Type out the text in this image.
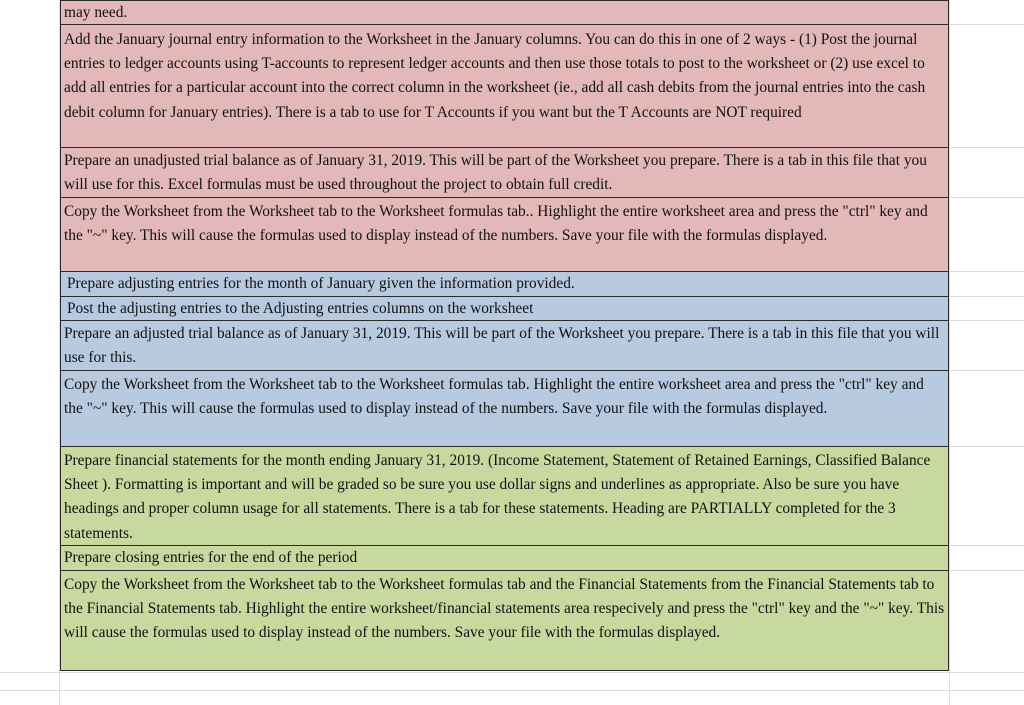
may need.
Add the January journal entry information to the Worksheet in the January columns. You can do this in one of 2 ways - (1) Post the journal entries to ledger accounts using T-accounts to represent ledger accounts and then use those totals to post to the worksheet or (2) use excel to add all entries for a particular account into the correct column in the worksheet (ie., add all cash debits from the journal entries into the cash debit column for January entries). There is a tab to use for T Accounts if you want but the T Accounts are NOT required
Prepare an unadjusted trial balance as of January 31, 2019. This will be part of the Worksheet you prepare. There is a tab in this file that you will use for this. Excel formulas must be used throughout the project to obtain full credit.
Copy the Worksheet from the Worksheet tab to the Worksheet formulas tab.. Highlight the entire worksheet area and press the "ctrl" key and the "~" key. This will cause the formulas used to display instead of the numbers. Save your file with the formulas displayed.
Prepare adjusting entries for the month of January given the information provided.
Post the adjusting entries to the Adjusting entries columns on the worksheet
Prepare an adjusted trial balance as of January 31, 2019. This will be part of the Worksheet you prepare. There is a tab in this file that you will use for this.
Copy the Worksheet from the Worksheet tab to the Worksheet formulas tab. Highlight the entire worksheet area and press the "ctrl" key and the "~" key. This will cause the formulas used to display instead of the numbers. Save your file with the formulas displayed.
Prepare financial statements for the month ending January 31, 2019. (Income Statement, Statement of Retained Earnings, Classified Balance Sheet ). Formatting is important and will be graded so be sure you use dollar signs and underlines as appropriate. Also be sure you have headings and proper column usage for all statements. There is a tab for these statements. Heading are PARTIALLY completed for the 3 statements.
Prepare closing entries for the end of the period
Copy the Worksheet from the Worksheet tab to the Worksheet formulas tab and the Financial Statements from the Financial Statements tab to the Financial Statements tab. Highlight the entire worksheet/financial statements area respecively and press the "ctrl" key and the "~" key. This will cause the formulas used to display instead of the numbers. Save your file with the formulas displayed.
